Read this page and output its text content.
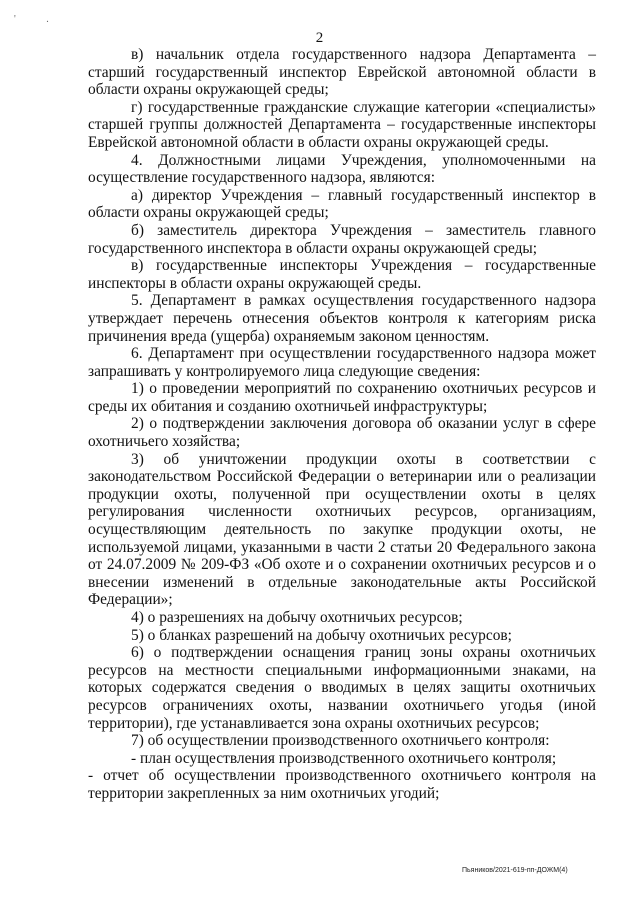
' .
2

в) начальник отдела государственного надзора Департамента – старший государственный инспектор Еврейской автономной области в области охраны окружающей среды;

г) государственные гражданские служащие категории «специалисты» старшей группы должностей Департамента – государственные инспекторы Еврейской автономной области в области охраны окружающей среды.

4. Должностными лицами Учреждения, уполномоченными на осуществление государственного надзора, являются:

а) директор Учреждения – главный государственный инспектор в области охраны окружающей среды;

б) заместитель директора Учреждения – заместитель главного государственного инспектора в области охраны окружающей среды;

в) государственные инспекторы Учреждения – государственные инспекторы в области охраны окружающей среды.

5. Департамент в рамках осуществления государственного надзора утверждает перечень отнесения объектов контроля к категориям риска причинения вреда (ущерба) охраняемым законом ценностям.

6. Департамент при осуществлении государственного надзора может запрашивать у контролируемого лица следующие сведения:

1) о проведении мероприятий по сохранению охотничьих ресурсов и среды их обитания и созданию охотничьей инфраструктуры;

2) о подтверждении заключения договора об оказании услуг в сфере охотничьего хозяйства;

3) об уничтожении продукции охоты в соответствии с законодательством Российской Федерации о ветеринарии или о реализации продукции охоты, полученной при осуществлении охоты в целях регулирования численности охотничьих ресурсов, организациям, осуществляющим деятельность по закупке продукции охоты, не используемой лицами, указанными в части 2 статьи 20 Федерального закона от 24.07.2009 № 209-ФЗ «Об охоте и о сохранении охотничьих ресурсов и о внесении изменений в отдельные законодательные акты Российской Федерации»;

4) о разрешениях на добычу охотничьих ресурсов;

5) о бланках разрешений на добычу охотничьих ресурсов;

6) о подтверждении оснащения границ зоны охраны охотничьих ресурсов на местности специальными информационными знаками, на которых содержатся сведения о вводимых в целях защиты охотничьих ресурсов ограничениях охоты, названии охотничьего угодья (иной территории), где устанавливается зона охраны охотничьих ресурсов;

7) об осуществлении производственного охотничьего контроля:

- план осуществления производственного охотничьего контроля;

- отчет об осуществлении производственного охотничьего контроля на территории закрепленных за ним охотничьих угодий;

Пьяников/2021-619-пп-ДОЖМ(4)
